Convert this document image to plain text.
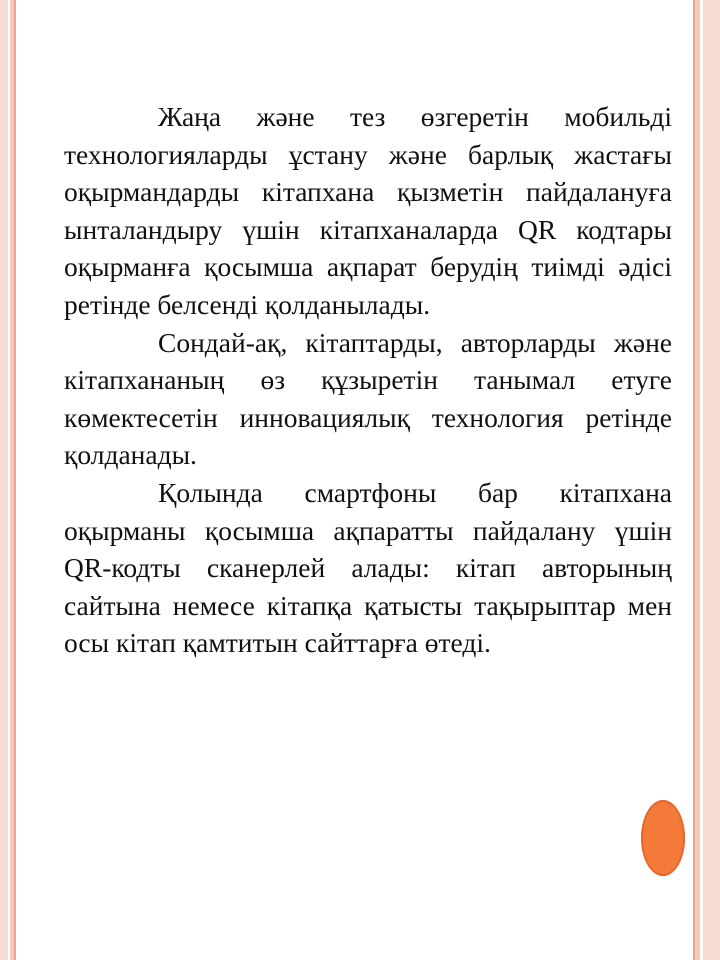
Жаңа және тез өзгеретін мобильді технологияларды ұстану және барлық жастағы оқырмандарды кітапхана қызметін пайдалануға ынталандыру үшін кітапханаларда QR кодтары оқырманға қосымша ақпарат берудің тиімді әдісі ретінде белсенді қолданылады.

Сондай-ақ, кітаптарды, авторларды және кітапхананың өз құзыретін танымал етуге көмектесетін инновациялық технология ретінде қолданады.

Қолында смартфоны бар кітапхана оқырманы қосымша ақпаратты пайдалану үшін QR-кодты сканерлей алады: кітап авторының сайтына немесе кітапқа қатысты тақырыптар мен осы кітап қамтитын сайттарға өтеді.
